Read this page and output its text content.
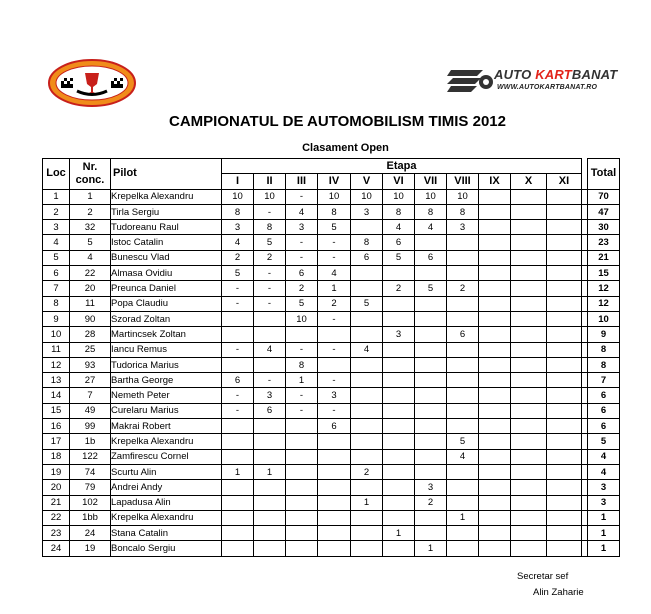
AUTO KARTBANAT
WWW.AUTOKARTBANAT.RO
CAMPIONATUL DE AUTOMOBILISM TIMIS 2012
Clasament Open
Loc	Nr.
conc.	Pilot	Etapa												Total
			I	II	III	IV	V	VI	VII	VIII	IX	X	XI		
1	1	Krepelka Alexandru	10	10	-	10	10	10	10	10					70
2	2	Tirla Sergiu	8	-	4	8	3	8	8	8					47
3	32	Tudoreanu Raul	3	8	3	5		4	4	3					30
4	5	Istoc Catalin	4	5	-	-	8	6							23
5	4	Bunescu Vlad	2	2	-	-	6	5	6						21
6	22	Almasa Ovidiu	5	-	6	4									15
7	20	Preunca Daniel	-	-	2	1		2	5	2					12
8	11	Popa Claudiu	-	-	5	2	5								12
9	90	Szorad Zoltan			10	-									10
10	28	Martincsek Zoltan						3		6					9
11	25	Iancu Remus	-	4	-	-	4								8
12	93	Tudorica Marius			8										8
13	27	Bartha George	6	-	1	-									7
14	7	Nemeth Peter	-	3	-	3									6
15	49	Curelaru Marius	-	6	-	-									6
16	99	Makrai Robert				6									6
17	1b	Krepelka Alexandru								5					5
18	122	Zamfirescu Cornel								4					4
19	74	Scurtu Alin	1	1			2								4
20	79	Andrei Andy							3						3
21	102	Lapadusa Alin					1		2						3
22	1bb	Krepelka Alexandru								1					1
23	24	Stana Catalin						1							1
24	19	Boncalo Sergiu							1						1
Secretar sef
Alin Zaharie
